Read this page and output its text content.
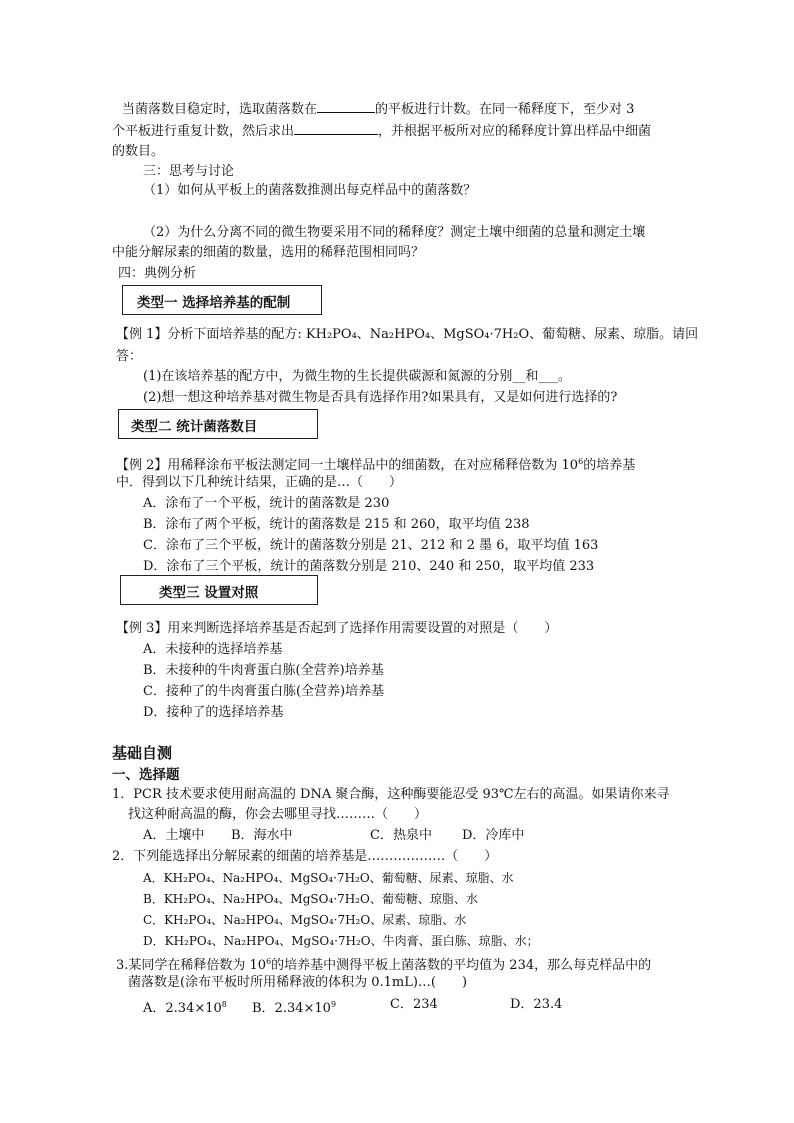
当菌落数目稳定时，选取菌落数在	的平板进行计数。在同一稀释度下，至少对 3
个平板进行重复计数，然后求出	，并根据平板所对应的稀释度计算出样品中细菌
的数目。
三：思考与讨论
（1）如何从平板上的菌落数推测出每克样品中的菌落数？
（2）为什么分离不同的微生物要采用不同的稀释度？测定土壤中细菌的总量和测定土壤
中能分解尿素的细菌的数量，选用的稀释范围相同吗？
四：典例分析
类型一 选择培养基的配制
【例 1】分析下面培养基的配方: KH₂PO₄、Na₂HPO₄、MgSO₄·7H₂O、葡萄糖、尿素、琼脂。请回
答：
(1)在该培养基的配方中，为微生物的生长提供碳源和氮源的分别__和___。
(2)想一想这种培养基对微生物是否具有选择作用?如果具有，又是如何进行选择的?
类型二 统计菌落数目
【例 2】用稀释涂布平板法测定同一土壤样品中的细菌数，在对应稀释倍数为 $10^6$的培养基
中．得到以下几种统计结果，正确的是…（　　）
A．涂布了一个平板，统计的菌落数是 230
B．涂布了两个平板，统计的菌落数是 215 和 260，取平均值 238
C．涂布了三个平板，统计的菌落数分别是 21、212 和 2 墨 6，取平均值 163
D．涂布了三个平板，统计的菌落数分别是 210、240 和 250，取平均值 233
类型三 设置对照
【例 3】用来判断选择培养基是否起到了选择作用需要设置的对照是（　　）
A．未接种的选择培养基
B．未接种的牛肉膏蛋白胨(全营养)培养基
C．接种了的牛肉膏蛋白胨(全营养)培养基
D．接种了的选择培养基
基础自测
一、选择题
1．PCR 技术要求使用耐高温的 DNA 聚合酶，这种酶要能忍受 93℃左右的高温。如果请你来寻
找这种耐高温的酶，你会去哪里寻找………（　　）
A．土壤中 B．海水中	C．热泉中 D．冷库中
2．下列能选择出分解尿素的细菌的培养基是………………（　　）
A．KH₂PO₄、Na₂HPO₄、MgSO₄·7H₂O、葡萄糖、尿素、琼脂、水
B．KH₂PO₄、Na₂HPO₄、MgSO₄·7H₂O、葡萄糖、琼脂、水
C．KH₂PO₄、Na₂HPO₄、MgSO₄·7H₂O、尿素、琼脂、水
D．KH₂PO₄、Na₂HPO₄、MgSO₄·7H₂O、牛肉膏、蛋白胨、琼脂、水；
3.某同学在稀释倍数为 $10^6$的培养基中测得平板上菌落数的平均值为 234，那么每克样品中的
菌落数是(涂布平板时所用稀释液的体积为 0.1mL)…(　　)
A．$2.34\times 10^8$ B．$2.34\times 10^9$	C．234	D．23.4
